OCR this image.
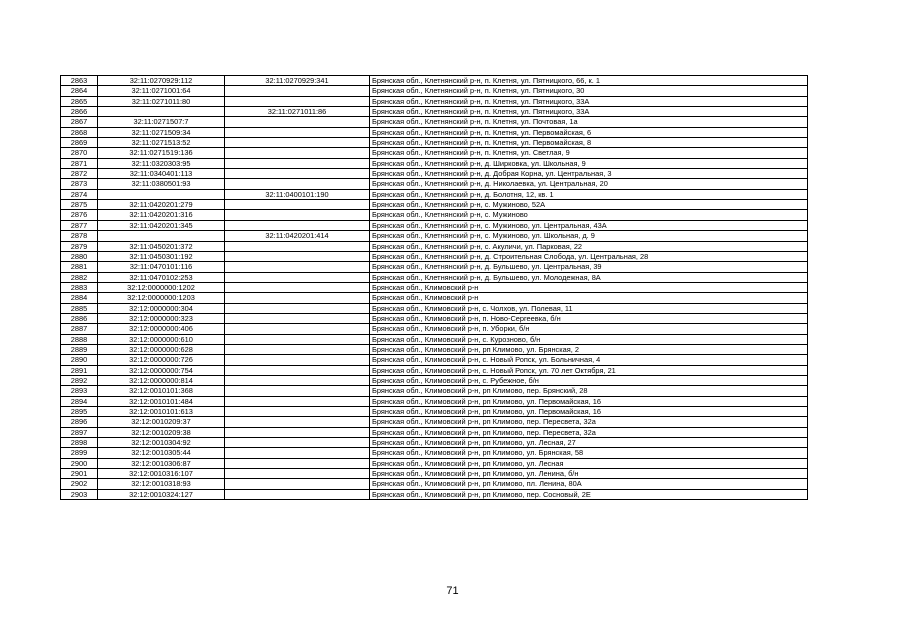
2863	32:11:0270929:112	32:11:0270929:341	Брянская обл., Клетнянский р-н, п. Клетня, ул. Пятницкого, 66, к. 1
2864	32:11:0271001:64		Брянская обл., Клетнянский р-н, п. Клетня, ул. Пятницкого, 30
2865	32:11:0271011:80		Брянская обл., Клетнянский р-н, п. Клетня, ул. Пятницкого, 33А
2866		32:11:0271011:86	Брянская обл., Клетнянский р-н, п. Клетня, ул. Пятницкого, 33А
2867	32:11:0271507:7		Брянская обл., Клетнянский р-н, п. Клетня, ул. Почтовая, 1а
2868	32:11:0271509:34		Брянская обл., Клетнянский р-н, п. Клетня, ул. Первомайская, 6
2869	32:11:0271513:52		Брянская обл., Клетнянский р-н, п. Клетня, ул. Первомайская, 8
2870	32:11:0271519:136		Брянская обл., Клетнянский р-н, п. Клетня, ул. Светлая, 9
2871	32:11:0320303:95		Брянская обл., Клетнянский р-н, д. Ширковка, ул. Школьная, 9
2872	32:11:0340401:113		Брянская обл., Клетнянский р-н, д. Добрая Корна, ул. Центральная, 3
2873	32:11:0380501:93		Брянская обл., Клетнянский р-н, д. Николаевка, ул. Центральная, 20
2874		32:11:0400101:190	Брянская обл., Клетнянский р-н, д. Болотня, 12, кв. 1
2875	32:11:0420201:279		Брянская обл., Клетнянский р-н, с. Мужиново, 52А
2876	32:11:0420201:316		Брянская обл., Клетнянский р-н, с. Мужиново
2877	32:11:0420201:345		Брянская обл., Клетнянский р-н, с. Мужиново, ул. Центральная, 43А
2878		32:11:0420201:414	Брянская обл., Клетнянский р-н, с. Мужиново, ул. Школьная, д. 9
2879	32:11:0450201:372		Брянская обл., Клетнянский р-н, с. Акуличи, ул. Парковая, 22
2880	32:11:0450301:192		Брянская обл., Клетнянский р-н, д. Строительная Слобода, ул. Центральная, 28
2881	32:11:0470101:116		Брянская обл., Клетнянский р-н, д. Бульшево, ул. Центральная, 39
2882	32:11:0470102:253		Брянская обл., Клетнянский р-н, д. Бульшево, ул. Молодежная, 8А
2883	32:12:0000000:1202		Брянская обл., Климовский р-н
2884	32:12:0000000:1203		Брянская обл., Климовский р-н
2885	32:12:0000000:304		Брянская обл., Климовский р-н, с. Чолхов, ул. Полевая, 11
2886	32:12:0000000:323		Брянская обл., Климовский р-н, п. Ново-Сергеевка, б/н
2887	32:12:0000000:406		Брянская обл., Климовский р-н, п. Уборки, б/н
2888	32:12:0000000:610		Брянская обл., Климовский р-н, с. Курозново, б/н
2889	32:12:0000000:628		Брянская обл., Климовский р-н, рп Климово, ул. Брянская, 2
2890	32:12:0000000:726		Брянская обл., Климовский р-н, с. Новый Ропск, ул. Больничная, 4
2891	32:12:0000000:754		Брянская обл., Климовский р-н, с. Новый Ропск, ул. 70 лет Октября, 21
2892	32:12:0000000:814		Брянская обл., Климовский р-н, с. Рубежное, б/н
2893	32:12:0010101:368		Брянская обл., Климовский р-н, рп Климово, пер. Брянский, 28
2894	32:12:0010101:484		Брянская обл., Климовский р-н, рп Климово, ул. Первомайская, 16
2895	32:12:0010101:613		Брянская обл., Климовский р-н, рп Климово, ул. Первомайская, 16
2896	32:12:0010209:37		Брянская обл., Климовский р-н, рп Климово, пер. Пересвета, 32а
2897	32:12:0010209:38		Брянская обл., Климовский р-н, рп Климово, пер. Пересвета, 32а
2898	32:12:0010304:92		Брянская обл., Климовский р-н, рп Климово, ул. Лесная, 27
2899	32:12:0010305:44		Брянская обл., Климовский р-н, рп Климово, ул. Брянская, 58
2900	32:12:0010306:87		Брянская обл., Климовский р-н, рп Климово, ул. Лесная
2901	32:12:0010316:107		Брянская обл., Климовский р-н, рп Климово, ул. Ленина, б/н
2902	32:12:0010318:93		Брянская обл., Климовский р-н, рп Климово, пл. Ленина, 80А
2903	32:12:0010324:127		Брянская обл., Климовский р-н, рп Климово, пер. Сосновый, 2Е
71
